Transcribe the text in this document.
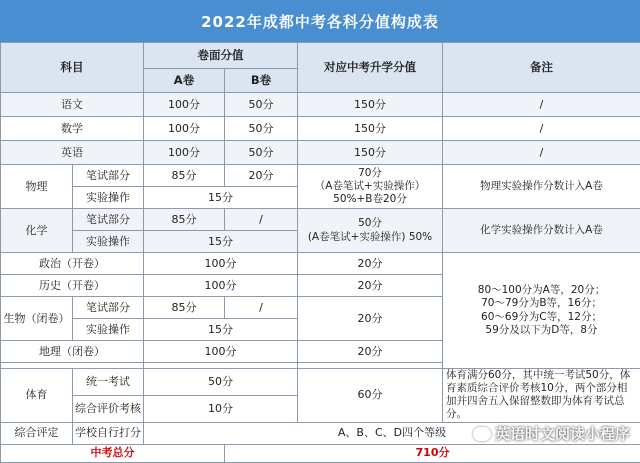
2022年成都中考各科分值构成表
科目		卷面分值		对应中考升学分值	备注
		A卷	B卷		
语文		100分	50分	150分	/
数学		100分	50分	150分	/
英语		100分	50分	150分	/
物理	笔试部分	85分	20分	70分
（A卷笔试+实验操作）
50%+B卷20分	物理实验操作分数计入A卷
	实验操作	15分			
化学	笔试部分	85分	/	50分
(A卷笔试+实验操作) 50%	化学实验操作分数计入A卷
	实验操作	15分			
政治（开卷）		100分		20分	80～100分为A等，20分；
70～79分为B等，16分；
60～69分为C等，12分；
59分及以下为D等，8分

历史（开卷）		100分		20分	
生物（闭卷）	笔试部分	85分	/	20分	
	实验操作	15分			
地理（闭卷）		100分		20分	

体育	统一考试	50分		60分	体育满分60分，其中统一考试50分，体育素质综合评价考核10分，两个部分相加并四舍五入保留整数即为体育考试总分。
	综合评价考核	10分			
综合评定	学校自行打分	A、B、C、D四个等级			
中考总分			710分		
英语时文阅读小程序
